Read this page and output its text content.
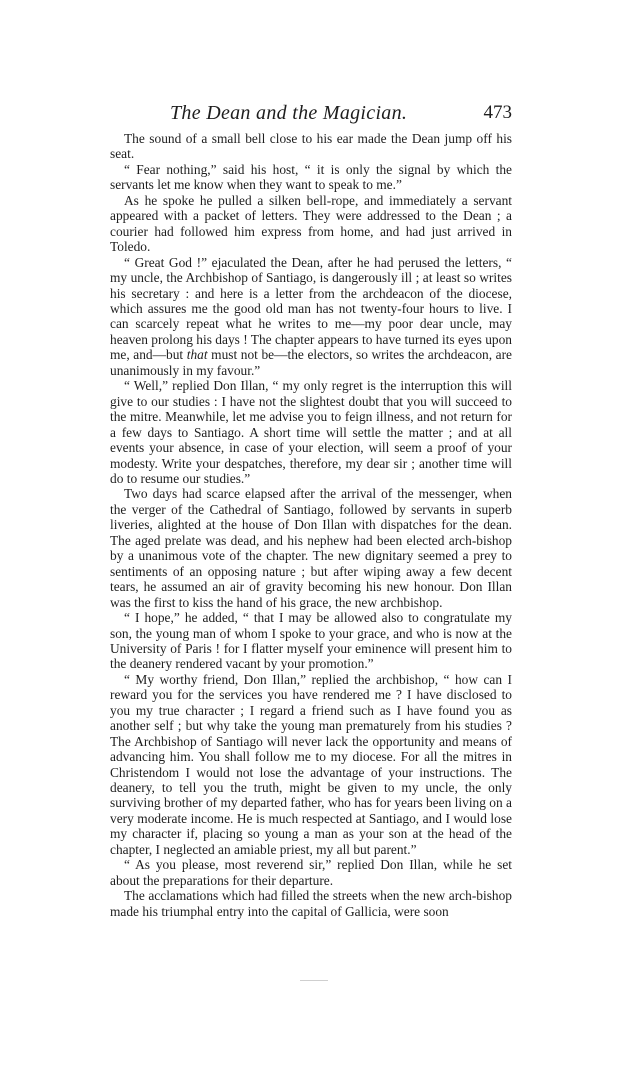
The Dean and the Magician.	473

The sound of a small bell close to his ear made the Dean jump off his seat.

“ Fear nothing,” said his host, “ it is only the signal by which the servants let me know when they want to speak to me.”

As he spoke he pulled a silken bell-rope, and immediately a servant appeared with a packet of letters. They were addressed to the Dean ; a courier had followed him express from home, and had just arrived in Toledo.

“ Great God !” ejaculated the Dean, after he had perused the letters, “ my uncle, the Archbishop of Santiago, is dangerously ill ; at least so writes his secretary : and here is a letter from the archdeacon of the diocese, which assures me the good old man has not twenty-four hours to live. I can scarcely repeat what he writes to me—my poor dear uncle, may heaven prolong his days ! The chapter appears to have turned its eyes upon me, and—but that must not be—the electors, so writes the archdeacon, are unanimously in my favour.”

“ Well,” replied Don Illan, “ my only regret is the interruption this will give to our studies : I have not the slightest doubt that you will succeed to the mitre. Meanwhile, let me advise you to feign illness, and not return for a few days to Santiago. A short time will settle the matter ; and at all events your absence, in case of your election, will seem a proof of your modesty. Write your despatches, therefore, my dear sir ; another time will do to resume our studies.”

Two days had scarce elapsed after the arrival of the messenger, when the verger of the Cathedral of Santiago, followed by servants in superb liveries, alighted at the house of Don Illan with dispatches for the dean. The aged prelate was dead, and his nephew had been elected arch-bishop by a unanimous vote of the chapter. The new dignitary seemed a prey to sentiments of an opposing nature ; but after wiping away a few decent tears, he assumed an air of gravity becoming his new honour. Don Illan was the first to kiss the hand of his grace, the new archbishop.

“ I hope,” he added, “ that I may be allowed also to congratulate my son, the young man of whom I spoke to your grace, and who is now at the University of Paris ! for I flatter myself your eminence will present him to the deanery rendered vacant by your promotion.”

“ My worthy friend, Don Illan,” replied the archbishop, “ how can I reward you for the services you have rendered me ? I have disclosed to you my true character ; I regard a friend such as I have found you as another self ; but why take the young man prematurely from his studies ? The Archbishop of Santiago will never lack the opportunity and means of advancing him. You shall follow me to my diocese. For all the mitres in Christendom I would not lose the advantage of your instructions. The deanery, to tell you the truth, might be given to my uncle, the only surviving brother of my departed father, who has for years been living on a very moderate income. He is much respected at Santiago, and I would lose my character if, placing so young a man as your son at the head of the chapter, I neglected an amiable priest, my all but parent.”

“ As you please, most reverend sir,” replied Don Illan, while he set about the preparations for their departure.

The acclamations which had filled the streets when the new arch-bishop made his triumphal entry into the capital of Gallicia, were soon
